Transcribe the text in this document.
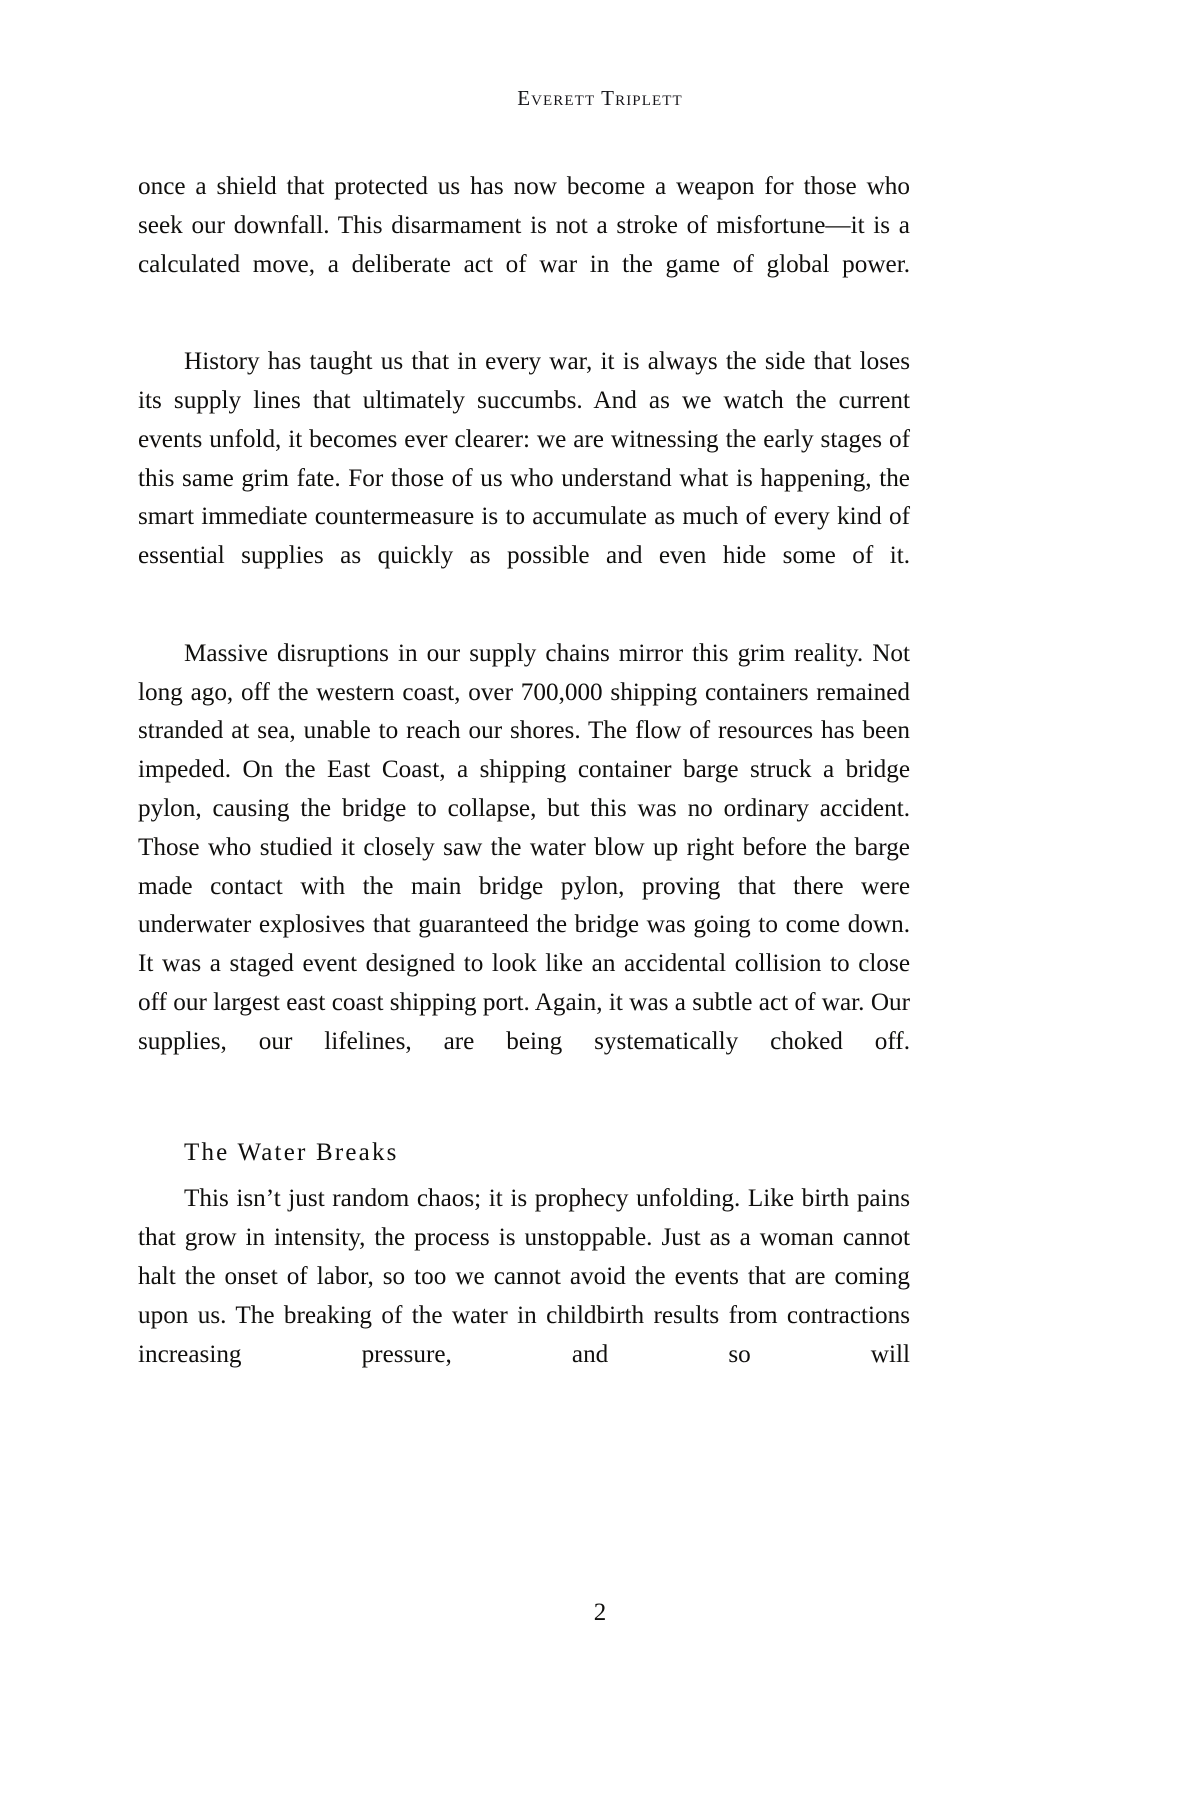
Everett Triplett

once a shield that protected us has now become a weapon for those who seek our downfall. This disarmament is not a stroke of misfortune—it is a calculated move, a deliberate act of war in the game of global power.

History has taught us that in every war, it is always the side that loses its supply lines that ultimately succumbs. And as we watch the current events unfold, it becomes ever clearer: we are witnessing the early stages of this same grim fate. For those of us who understand what is happening, the smart immediate countermeasure is to accumulate as much of every kind of essential supplies as quickly as possible and even hide some of it.

Massive disruptions in our supply chains mirror this grim reality. Not long ago, off the western coast, over 700,000 shipping containers remained stranded at sea, unable to reach our shores. The flow of resources has been impeded. On the East Coast, a shipping container barge struck a bridge pylon, causing the bridge to collapse, but this was no ordinary accident. Those who studied it closely saw the water blow up right before the barge made contact with the main bridge pylon, proving that there were underwater explosives that guaranteed the bridge was going to come down. It was a staged event designed to look like an accidental collision to close off our largest east coast shipping port. Again, it was a subtle act of war. Our supplies, our lifelines, are being systematically choked off.

The Water Breaks

This isn’t just random chaos; it is prophecy unfolding. Like birth pains that grow in intensity, the process is unstoppable. Just as a woman cannot halt the onset of labor, so too we cannot avoid the events that are coming upon us. The breaking of the water in childbirth results from contractions increasing pressure, and so will

2
